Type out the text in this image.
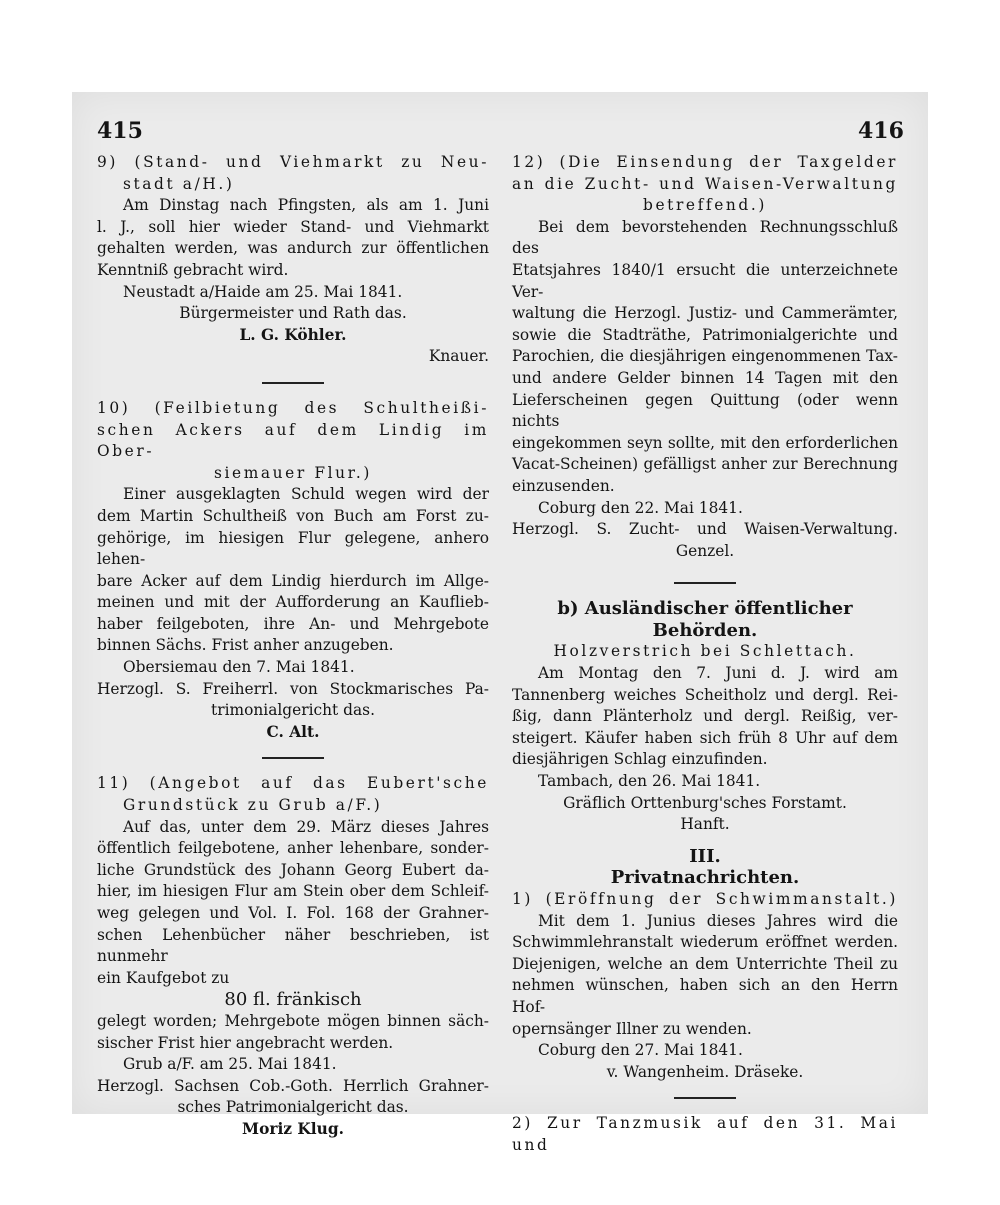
415	416

9) (Stand- und Viehmarkt zu Neu-

stadt a/H.)

Am Dinstag nach Pfingsten, als am 1. Juni

l. J., soll hier wieder Stand- und Viehmarkt

gehalten werden, was andurch zur öffentlichen

Kenntniß gebracht wird.

Neustadt a/Haide am 25. Mai 1841.

Bürgermeister und Rath das.

L. G. Köhler.

Knauer.

10) (Feilbietung des Schultheißi-

schen Ackers auf dem Lindig im Ober-

siemauer Flur.)

Einer ausgeklagten Schuld wegen wird der

dem Martin Schultheiß von Buch am Forst zu-

gehörige, im hiesigen Flur gelegene, anhero lehen-

bare Acker auf dem Lindig hierdurch im Allge-

meinen und mit der Aufforderung an Kauflieb-

haber feilgeboten, ihre An- und Mehrgebote

binnen Sächs. Frist anher anzugeben.

Obersiemau den 7. Mai 1841.

Herzogl. S. Freiherrl. von Stockmarisches Pa-

trimonialgericht das.

C. Alt.

11) (Angebot auf das Eubert'sche

Grundstück zu Grub a/F.)

Auf das, unter dem 29. März dieses Jahres

öffentlich feilgebotene, anher lehenbare, sonder-

liche Grundstück des Johann Georg Eubert da-

hier, im hiesigen Flur am Stein ober dem Schleif-

weg gelegen und Vol. I. Fol. 168 der Grahner-

schen Lehenbücher näher beschrieben, ist nunmehr

ein Kaufgebot zu

80 fl. fränkisch

gelegt worden; Mehrgebote mögen binnen säch-

sischer Frist hier angebracht werden.

Grub a/F. am 25. Mai 1841.

Herzogl. Sachsen Cob.-Goth. Herrlich Grahner-

sches Patrimonialgericht das.

Moriz Klug.

12) (Die Einsendung der Taxgelder

an die Zucht- und Waisen-Verwaltung

betreffend.)

Bei dem bevorstehenden Rechnungsschluß des

Etatsjahres 1840/1 ersucht die unterzeichnete Ver-

waltung die Herzogl. Justiz- und Cammerämter,

sowie die Stadträthe, Patrimonialgerichte und

Parochien, die diesjährigen eingenommenen Tax-

und andere Gelder binnen 14 Tagen mit den

Lieferscheinen gegen Quittung (oder wenn nichts

eingekommen seyn sollte, mit den erforderlichen

Vacat-Scheinen) gefälligst anher zur Berechnung

einzusenden.

Coburg den 22. Mai 1841.

Herzogl. S. Zucht- und Waisen-Verwaltung.

Genzel.

b) Ausländischer öffentlicher Behörden.

Holzverstrich bei Schlettach.

Am Montag den 7. Juni d. J. wird am

Tannenberg weiches Scheitholz und dergl. Rei-

ßig, dann Plänterholz und dergl. Reißig, ver-

steigert. Käufer haben sich früh 8 Uhr auf dem

diesjährigen Schlag einzufinden.

Tambach, den 26. Mai 1841.

Gräflich Orttenburg'sches Forstamt.

Hanft.

III.

Privatnachrichten.

1) (Eröffnung der Schwimmanstalt.)

Mit dem 1. Junius dieses Jahres wird die

Schwimmlehranstalt wiederum eröffnet werden.

Diejenigen, welche an dem Unterrichte Theil zu

nehmen wünschen, haben sich an den Herrn Hof-

opernsänger Illner zu wenden.

Coburg den 27. Mai 1841.

v. Wangenheim. Dräseke.

2) Zur Tanzmusik auf den 31. Mai und
